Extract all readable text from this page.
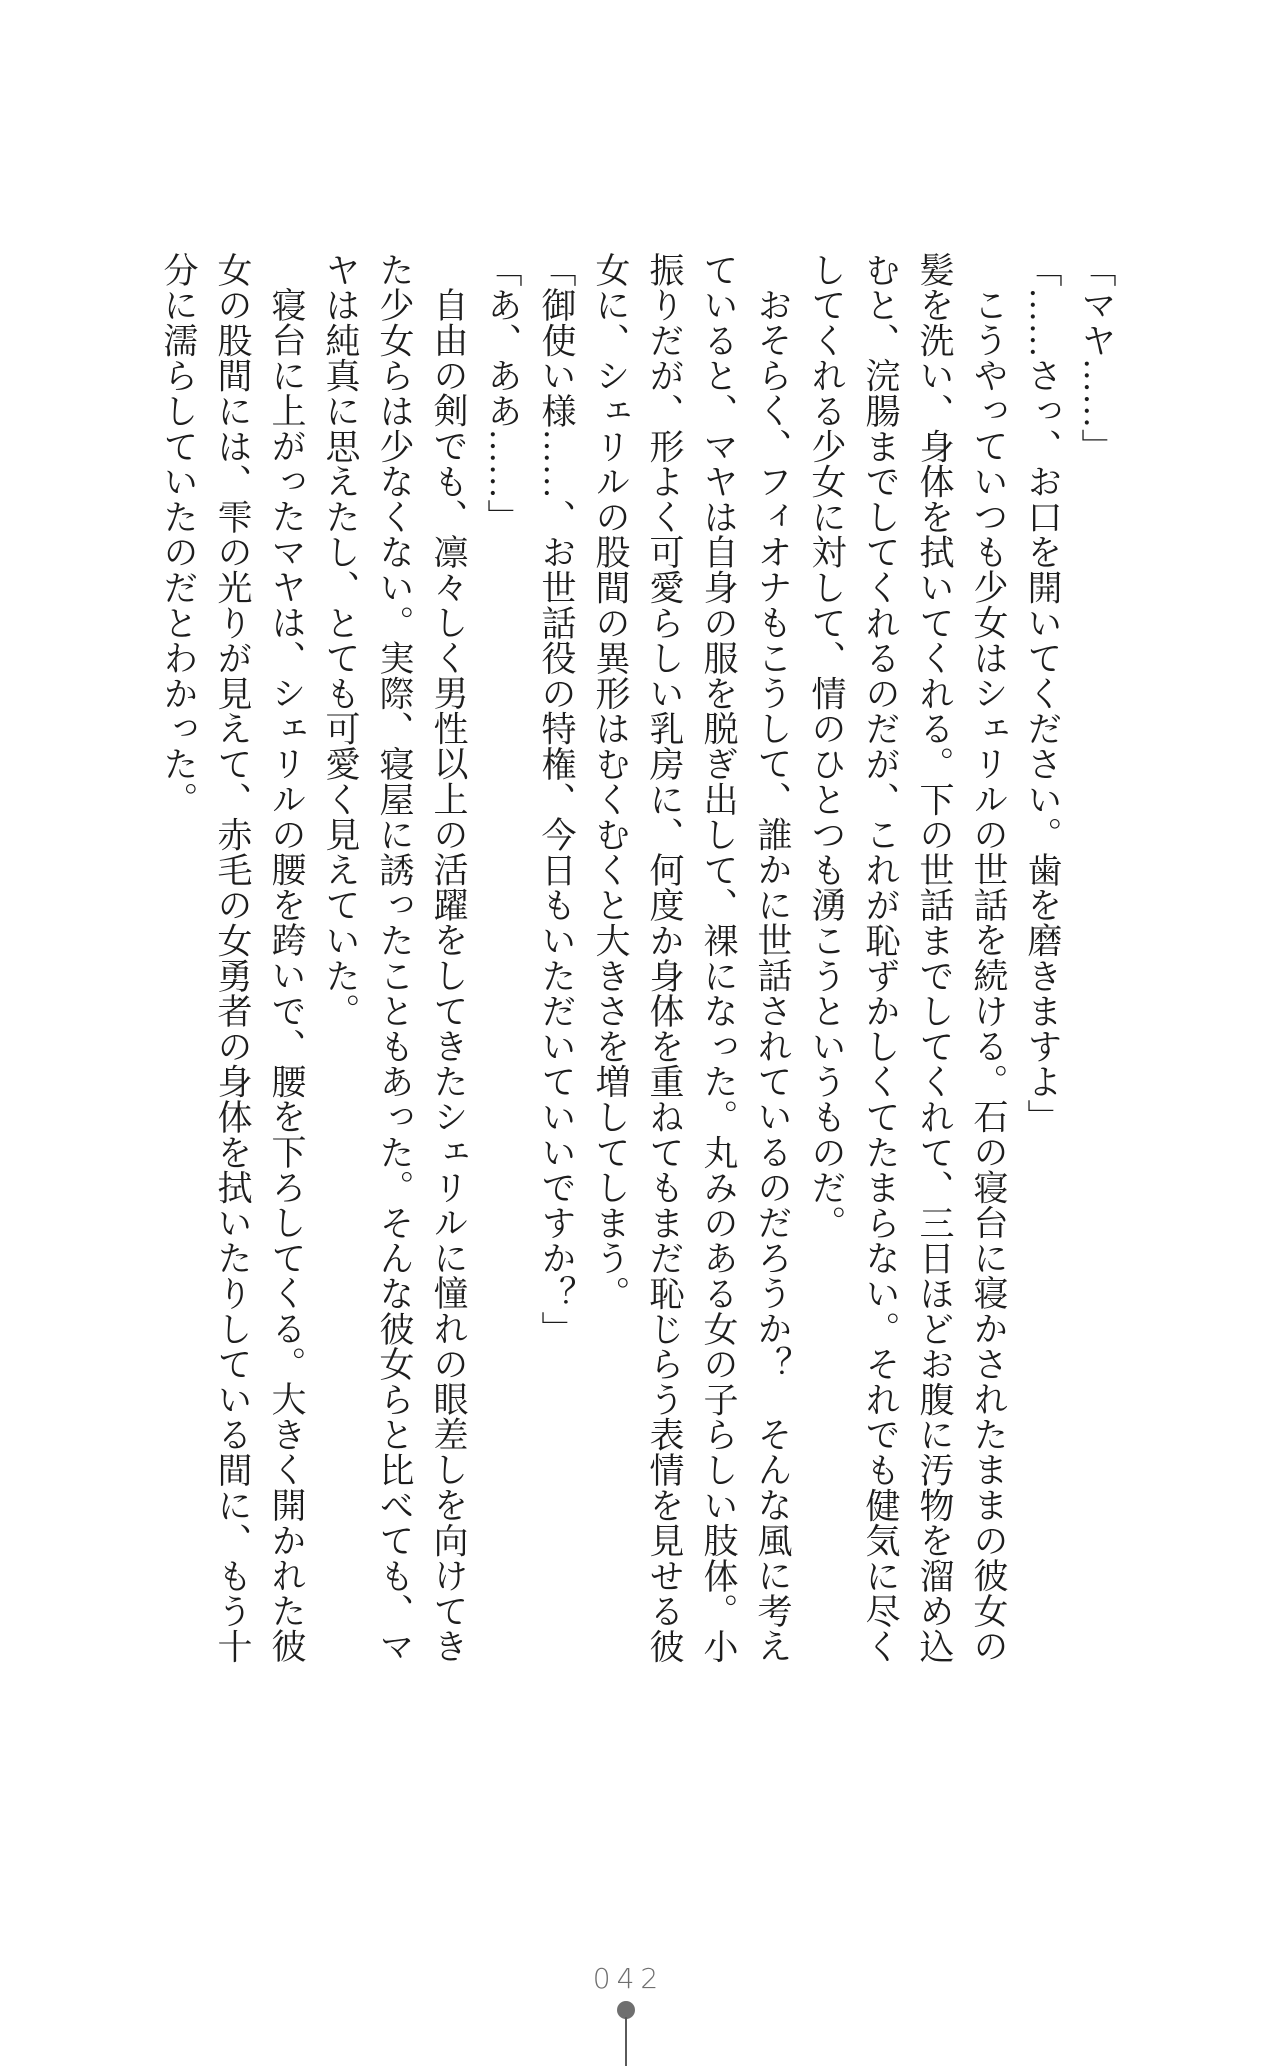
「マヤ……」

「……さっ、お口を開いてください。歯を磨きますよ」

こうやっていつも少女はシェリルの世話を続ける。石の寝台に寝かされたままの彼女の

髪を洗い、身体を拭いてくれる。下の世話までしてくれて、三日ほどお腹に汚物を溜め込

むと、浣腸までしてくれるのだが、これが恥ずかしくてたまらない。それでも健気に尽く

してくれる少女に対して、情のひとつも湧こうというものだ。

おそらく、フィオナもこうして、誰かに世話されているのだろうか？　そんな風に考え

ていると、マヤは自身の服を脱ぎ出して、裸になった。丸みのある女の子らしい肢体。小

振りだが、形よく可愛らしい乳房に、何度か身体を重ねてもまだ恥じらう表情を見せる彼

女に、シェリルの股間の異形はむくむくと大きさを増してしまう。

「御使い様……、お世話役の特権、今日もいただいていいですか？」

「あ、ああ……」

自由の剣でも、凛々しく男性以上の活躍をしてきたシェリルに憧れの眼差しを向けてき

た少女らは少なくない。実際、寝屋に誘ったこともあった。そんな彼女らと比べても、マ

ヤは純真に思えたし、とても可愛く見えていた。

寝台に上がったマヤは、シェリルの腰を跨いで、腰を下ろしてくる。大きく開かれた彼

女の股間には、雫の光りが見えて、赤毛の女勇者の身体を拭いたりしている間に、もう十

分に濡らしていたのだとわかった。

042
